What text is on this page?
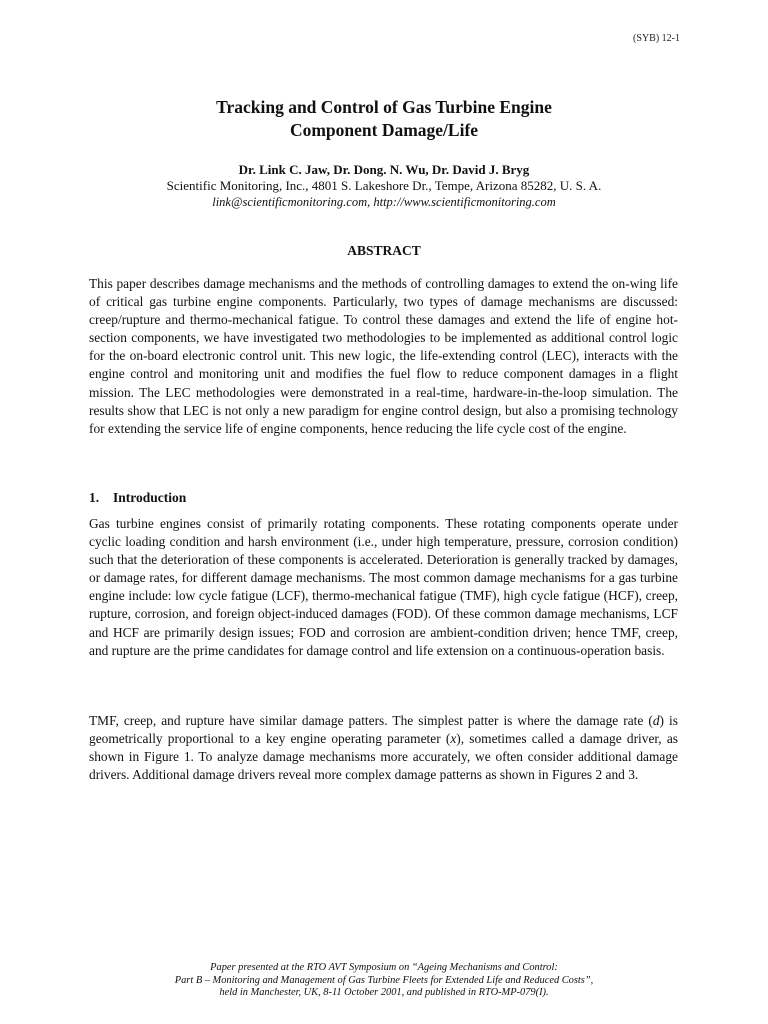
(SYB) 12-1
Tracking and Control of Gas Turbine Engine
Component Damage/Life
Dr. Link C. Jaw, Dr. Dong. N. Wu, Dr. David J. Bryg
Scientific Monitoring, Inc., 4801 S. Lakeshore Dr., Tempe, Arizona 85282, U. S. A.
link@scientificmonitoring.com, http://www.scientificmonitoring.com
ABSTRACT

This paper describes damage mechanisms and the methods of controlling damages to extend the on-wing life of critical gas turbine engine components. Particularly, two types of damage mechanisms are discussed: creep/rupture and thermo-mechanical fatigue. To control these damages and extend the life of engine hot-section components, we have investigated two methodologies to be implemented as additional control logic for the on-board electronic control unit. This new logic, the life-extending control (LEC), interacts with the engine control and monitoring unit and modifies the fuel flow to reduce component damages in a flight mission. The LEC methodologies were demonstrated in a real-time, hardware-in-the-loop simulation. The results show that LEC is not only a new paradigm for engine control design, but also a promising technology for extending the service life of engine components, hence reducing the life cycle cost of the engine.

1. Introduction

Gas turbine engines consist of primarily rotating components. These rotating components operate under cyclic loading condition and harsh environment (i.e., under high temperature, pressure, corrosion condition) such that the deterioration of these components is accelerated. Deterioration is generally tracked by damages, or damage rates, for different damage mechanisms. The most common damage mechanisms for a gas turbine engine include: low cycle fatigue (LCF), thermo-mechanical fatigue (TMF), high cycle fatigue (HCF), creep, rupture, corrosion, and foreign object-induced damages (FOD). Of these common damage mechanisms, LCF and HCF are primarily design issues; FOD and corrosion are ambient-condition driven; hence TMF, creep, and rupture are the prime candidates for damage control and life extension on a continuous-operation basis.

TMF, creep, and rupture have similar damage patters. The simplest patter is where the damage rate (d) is geometrically proportional to a key engine operating parameter (x), sometimes called a damage driver, as shown in Figure 1. To analyze damage mechanisms more accurately, we often consider additional damage drivers. Additional damage drivers reveal more complex damage patterns as shown in Figures 2 and 3.

Paper presented at the RTO AVT Symposium on “Ageing Mechanisms and Control:
Part B – Monitoring and Management of Gas Turbine Fleets for Extended Life and Reduced Costs”,
held in Manchester, UK, 8-11 October 2001, and published in RTO-MP-079(I).
